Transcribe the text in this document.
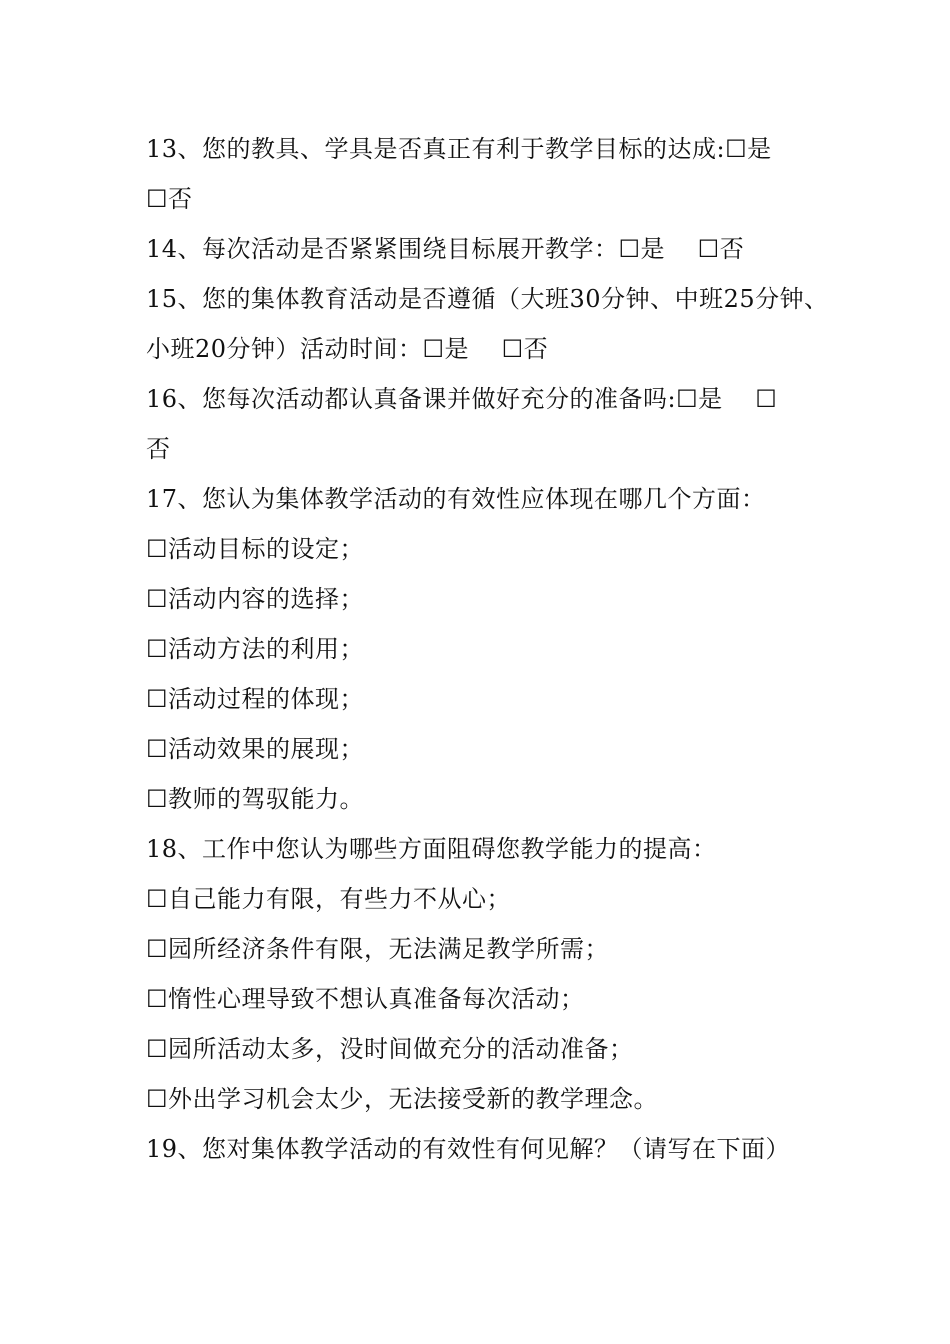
13、您的教具、学具是否真正有利于教学目标的达成:☐是
☐否
14、每次活动是否紧紧围绕目标展开教学：☐是　 ☐否
15、您的集体教育活动是否遵循（大班30分钟、中班25分钟、
小班20分钟）活动时间：☐是　 ☐否
16、您每次活动都认真备课并做好充分的准备吗:☐是　 ☐
否
17、您认为集体教学活动的有效性应体现在哪几个方面：
☐活动目标的设定；
☐活动内容的选择；
☐活动方法的利用；
☐活动过程的体现；
☐活动效果的展现；
☐教师的驾驭能力。
18、工作中您认为哪些方面阻碍您教学能力的提高：
☐自己能力有限，有些力不从心；
☐园所经济条件有限，无法满足教学所需；
☐惰性心理导致不想认真准备每次活动；
☐园所活动太多，没时间做充分的活动准备；
☐外出学习机会太少，无法接受新的教学理念。
19、您对集体教学活动的有效性有何见解？（请写在下面）
